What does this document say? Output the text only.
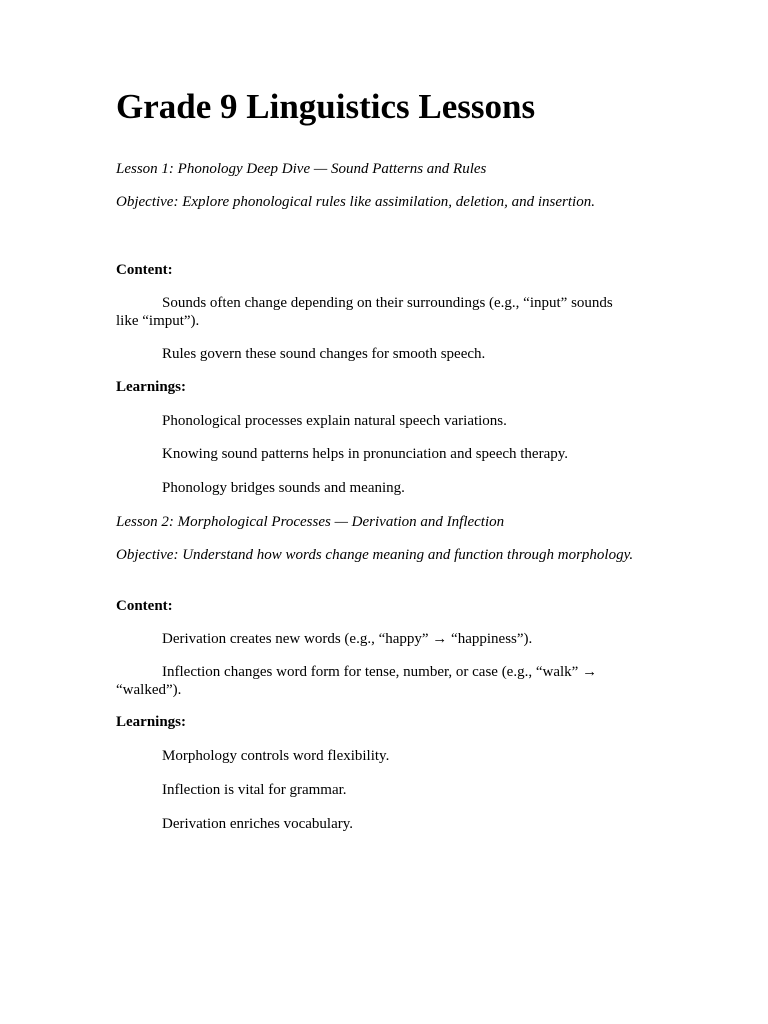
Grade 9 Linguistics Lessons

Lesson 1: Phonology Deep Dive — Sound Patterns and Rules

Objective: Explore phonological rules like assimilation, deletion, and insertion.

Content:

Sounds often change depending on their surroundings (e.g., “input” sounds

like “imput”).

Rules govern these sound changes for smooth speech.

Learnings:

Phonological processes explain natural speech variations.

Knowing sound patterns helps in pronunciation and speech therapy.

Phonology bridges sounds and meaning.

Lesson 2: Morphological Processes — Derivation and Inflection

Objective: Understand how words change meaning and function through morphology.

Content:

Derivation creates new words (e.g., “happy” → “happiness”).

Inflection changes word form for tense, number, or case (e.g., “walk” →

“walked”).

Learnings:

Morphology controls word flexibility.

Inflection is vital for grammar.

Derivation enriches vocabulary.
